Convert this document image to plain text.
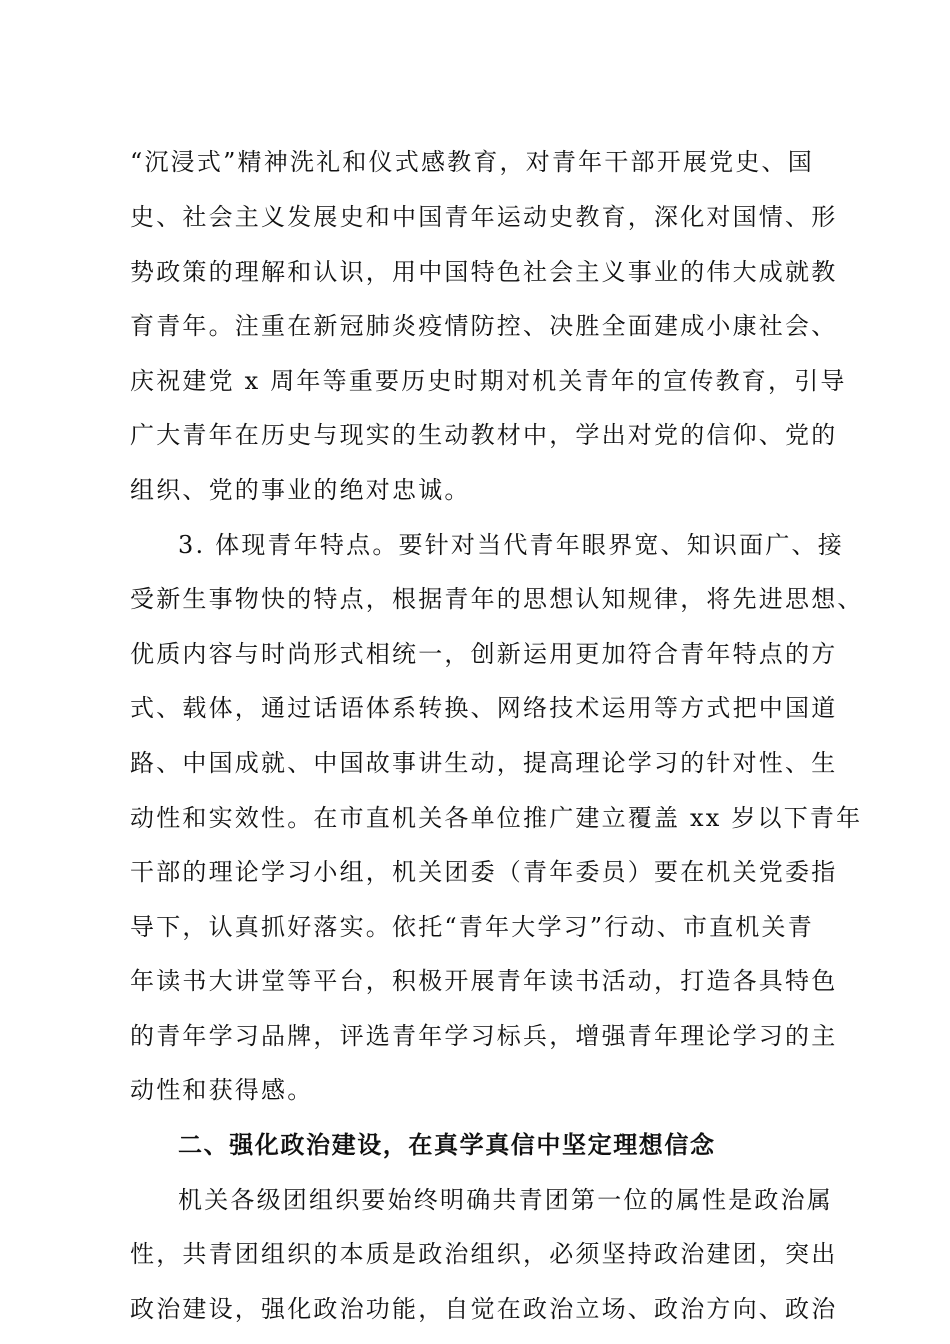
“沉浸式”精神洗礼和仪式感教育，对青年干部开展党史、国
史、社会主义发展史和中国青年运动史教育，深化对国情、形
势政策的理解和认识，用中国特色社会主义事业的伟大成就教
育青年。注重在新冠肺炎疫情防控、决胜全面建成小康社会、
庆祝建党 x 周年等重要历史时期对机关青年的宣传教育，引导
广大青年在历史与现实的生动教材中，学出对党的信仰、党的
组织、党的事业的绝对忠诚。
3. 体现青年特点。要针对当代青年眼界宽、知识面广、接
受新生事物快的特点，根据青年的思想认知规律，将先进思想、
优质内容与时尚形式相统一，创新运用更加符合青年特点的方
式、载体，通过话语体系转换、网络技术运用等方式把中国道
路、中国成就、中国故事讲生动，提高理论学习的针对性、生
动性和实效性。在市直机关各单位推广建立覆盖 xx 岁以下青年
干部的理论学习小组，机关团委（青年委员）要在机关党委指
导下，认真抓好落实。依托“青年大学习”行动、市直机关青
年读书大讲堂等平台，积极开展青年读书活动，打造各具特色
的青年学习品牌，评选青年学习标兵，增强青年理论学习的主
动性和获得感。
二、强化政治建设，在真学真信中坚定理想信念
机关各级团组织要始终明确共青团第一位的属性是政治属
性，共青团组织的本质是政治组织，必须坚持政治建团，突出
政治建设，强化政治功能，自觉在政治立场、政治方向、政治
